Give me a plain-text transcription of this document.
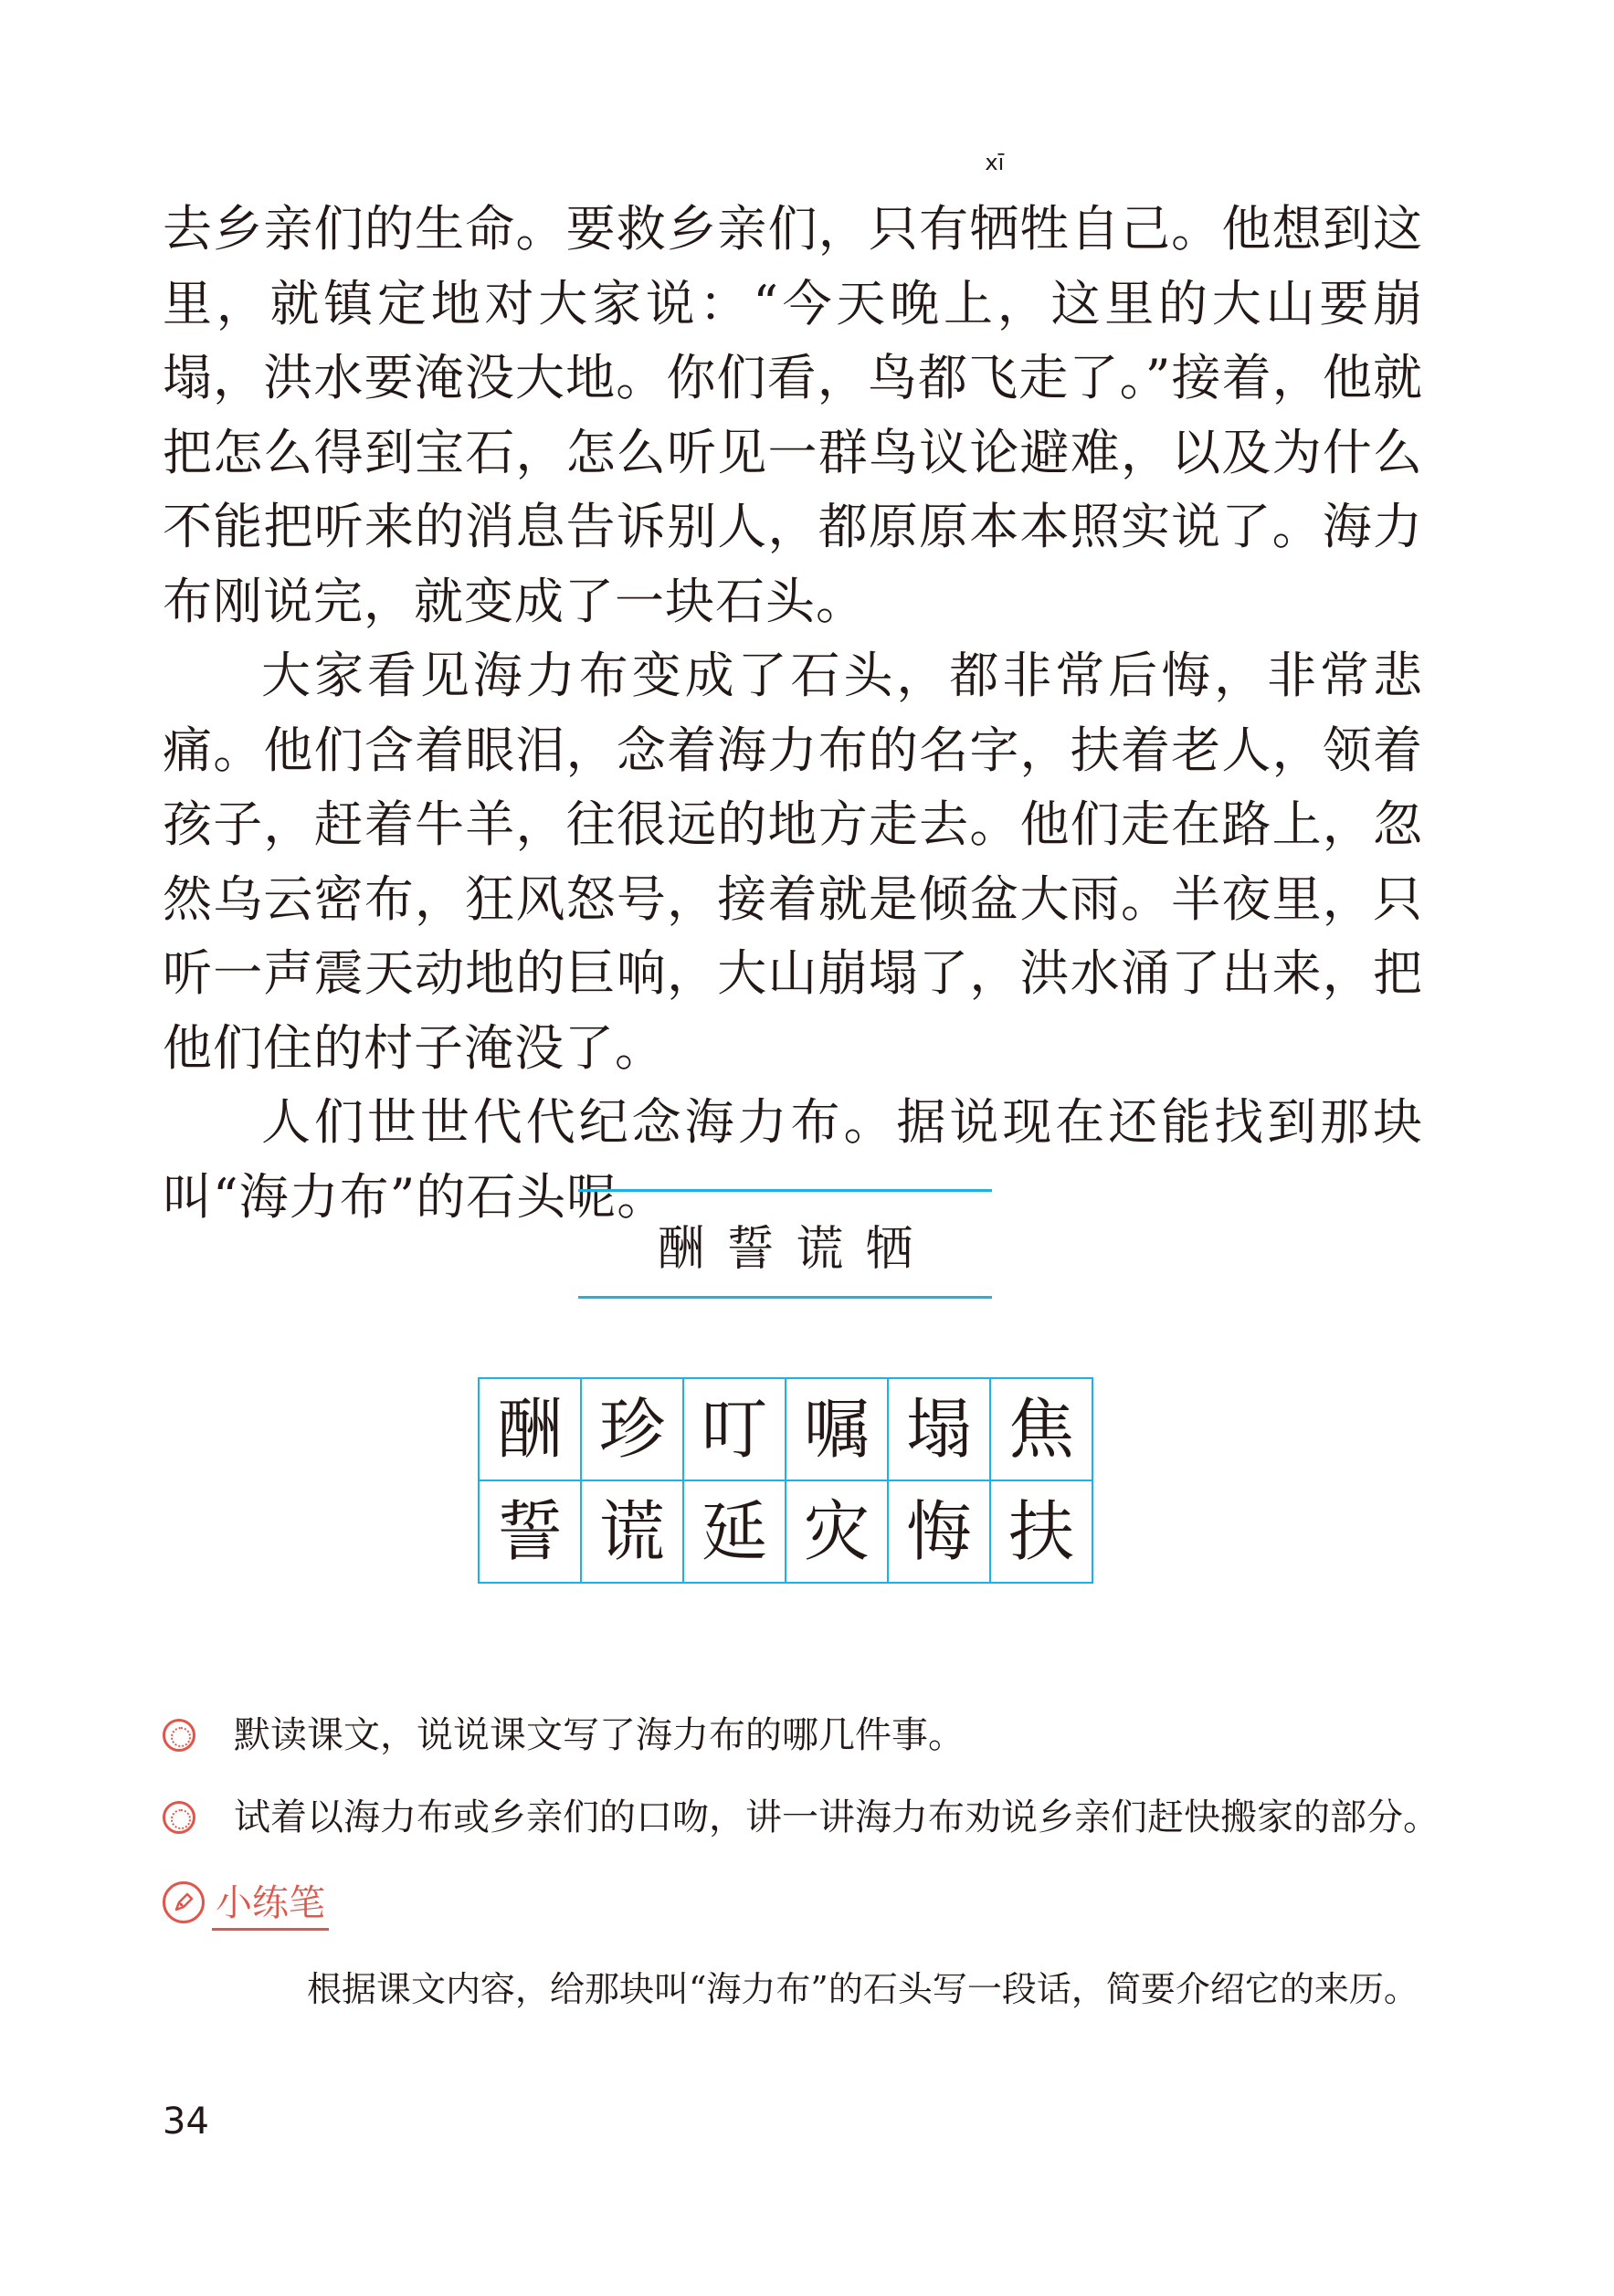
去乡亲们的生命。要救乡亲们，只有
xī
牺牲自己。他想到这里，就镇定地对大家说：“今天晚上，这里的大山要崩塌，洪水要淹没大地。你们看，鸟都飞走了。”接着，他就把怎么得到宝石，怎么听见一群鸟议论避难，以及为什么不能把听来的消息告诉别人，都原原本本照实说了。海力布刚说完，就变成了一块石头。

大家看见海力布变成了石头，都非常后悔，非常悲痛。他们含着眼泪，念着海力布的名字，扶着老人，领着孩子，赶着牛羊，往很远的地方走去。他们走在路上，忽然乌云密布，狂风怒号，接着就是倾盆大雨。半夜里，只听一声震天动地的巨响，大山崩塌了，洪水涌了出来，把他们住的村子淹没了。

人们世世代代纪念海力布。据说现在还能找到那块叫“海力布”的石头呢。

酬誓谎牺
酬 珍 叮 嘱 塌 焦
誓 谎 延 灾 悔 扶
默读课文，说说课文写了海力布的哪几件事。
试着以海力布或乡亲们的口吻，讲一讲海力布劝说乡亲们赶快搬家的部分。
小练笔
根据课文内容，给那块叫“海力布”的石头写一段话，简要介绍它的来历。
34
